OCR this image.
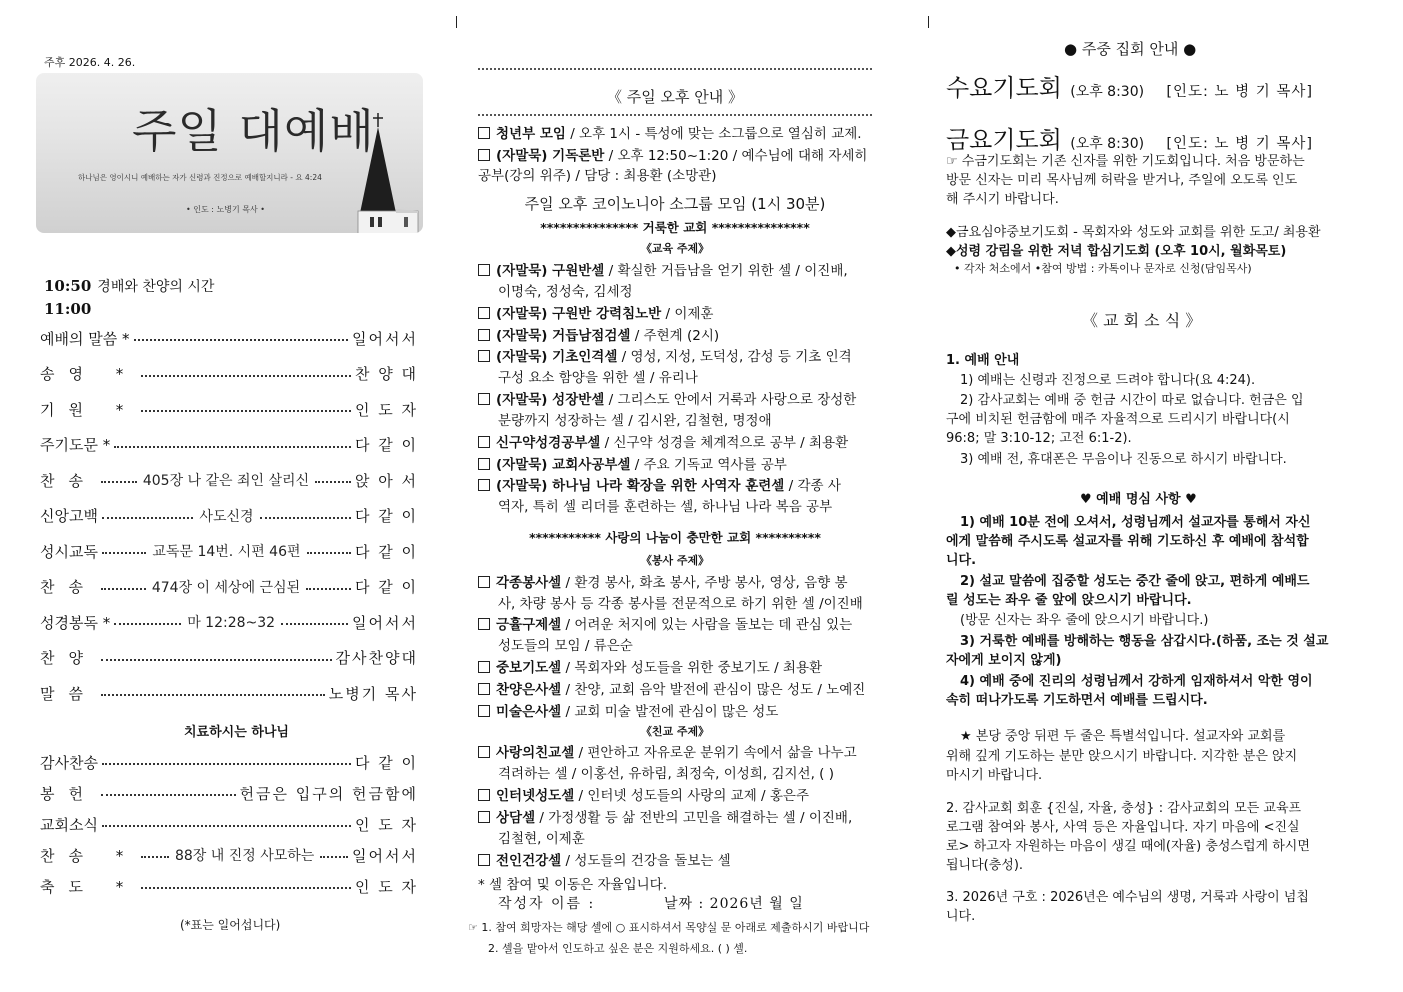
주후 2026. 4. 26.
주일 대예배
하나님은 영이시니 예배하는 자가 신령과 진정으로 예배할지니라 - 요 4:24
• 인도 : 노병기 목사 •
10:50 경배와 찬양의 시간
11:00
예배의 말씀 *	일어서서
송영 *	찬 양 대
기원 *	인 도 자
주기도문 *	다 같 이
찬송	405장 나 같은 죄인 살리신	앉 아 서
신앙고백	사도신경	다 같 이
성시교독	교독문 14번. 시편 46편	다 같 이
찬송	474장 이 세상에 근심된	다 같 이
성경봉독 *	마 12:28~32	일어서서
찬양	감사찬양대
말씀	노병기 목사
치료하시는 하나님
감사찬송	다 같 이
봉헌	헌금은 입구의 헌금함에
교회소식	인 도 자
찬송 *	88장 내 진정 사모하는	일어서서
축도 *	인 도 자
(*표는 일어섭니다)
《 주일 오후 안내 》
청년부 모임 / 오후 1시 - 특성에 맞는 소그룹으로 열심히 교제.
(자말묵) 기독론반 / 오후 12:50~1:20 / 예수님에 대해 자세히
공부(강의 위주) / 담당 : 최용환 (소망관)
주일 오후 코이노니아 소그룹 모임 (1시 30분)
*************** 거룩한 교회 ***************
《교육 주제》
(자말묵) 구원반셀 / 확실한 거듭남을 얻기 위한 셀 / 이진배,
이명숙, 정성숙, 김세정
(자말묵) 구원반 강력침노반 / 이제훈
(자말묵) 거듭남점검셀 / 주현계 (2시)
(자말묵) 기초인격셀 / 영성, 지성, 도덕성, 감성 등 기초 인격
구성 요소 함양을 위한 셀 / 유리나
(자말묵) 성장반셀 / 그리스도 안에서 거룩과 사랑으로 장성한
분량까지 성장하는 셀 / 김시완, 김철현, 명정애
신구약성경공부셀 / 신구약 성경을 체계적으로 공부 / 최용환
(자말묵) 교회사공부셀 / 주요 기독교 역사를 공부
(자말묵) 하나님 나라 확장을 위한 사역자 훈련셀 / 각종 사
역자, 특히 셀 리더를 훈련하는 셀, 하나님 나라 복음 공부
*********** 사랑의 나눔이 충만한 교회 **********
《봉사 주제》
각종봉사셀 / 환경 봉사, 화초 봉사, 주방 봉사, 영상, 음향 봉
사, 차량 봉사 등 각종 봉사를 전문적으로 하기 위한 셀 /이진배
긍휼구제셀 / 어려운 처지에 있는 사람을 돌보는 데 관심 있는
성도들의 모임 / 류은순
중보기도셀 / 목회자와 성도들을 위한 중보기도 / 최용환
찬양은사셀 / 찬양, 교회 음악 발전에 관심이 많은 성도 / 노예진
미술은사셀 / 교회 미술 발전에 관심이 많은 성도
《친교 주제》
사랑의친교셀 / 편안하고 자유로운 분위기 속에서 삶을 나누고
격려하는 셀 / 이홍선, 유하림, 최정숙, 이성희, 김지선, ( )
인터넷성도셀 / 인터넷 성도들의 사랑의 교제 / 홍은주
상담셀 / 가정생활 등 삶 전반의 고민을 해결하는 셀 / 이진배,
김철현, 이제훈
전인건강셀 / 성도들의 건강을 돌보는 셀
* 셀 참여 및 이동은 자율입니다.
작성자 이름 :	날짜 : 2026년 월 일
☞ 1. 참여 희망자는 해당 셀에 ○ 표시하셔서 목양실 문 아래로 제출하시기 바랍니다
2. 셀을 맡아서 인도하고 싶은 분은 지원하세요. ( ) 셀.
● 주중 집회 안내 ●
수요기도회 (오후 8:30) [인도: 노 병 기 목사]
금요기도회 (오후 8:30) [인도: 노 병 기 목사]
☞ 수금기도회는 기존 신자를 위한 기도회입니다. 처음 방문하는
방문 신자는 미리 목사님께 허락을 받거나, 주일에 오도록 인도
해 주시기 바랍니다.
◆금요심야중보기도회 - 목회자와 성도와 교회를 위한 도고/ 최용환
◆성령 강림을 위한 저녁 합심기도회 (오후 10시, 월화목토)
• 각자 처소에서 •참여 방법 : 카톡이나 문자로 신청(담임목사)
《 교 회 소 식 》
1. 예배 안내
1) 예배는 신령과 진정으로 드려야 합니다(요 4:24).
2) 감사교회는 예배 중 헌금 시간이 따로 없습니다. 헌금은 입
구에 비치된 헌금함에 매주 자율적으로 드리시기 바랍니다(시
96:8; 말 3:10-12; 고전 6:1-2).
3) 예배 전, 휴대폰은 무음이나 진동으로 하시기 바랍니다.
♥ 예배 명심 사항 ♥
1) 예배 10분 전에 오셔서, 성령님께서 설교자를 통해서 자신
에게 말씀해 주시도록 설교자를 위해 기도하신 후 예배에 참석합
니다.
2) 설교 말씀에 집중할 성도는 중간 줄에 앉고, 편하게 예배드
릴 성도는 좌우 줄 앞에 앉으시기 바랍니다.
(방문 신자는 좌우 줄에 앉으시기 바랍니다.)
3) 거룩한 예배를 방해하는 행동을 삼갑시다.(하품, 조는 것 설교
자에게 보이지 않게)
4) 예배 중에 진리의 성령님께서 강하게 임재하셔서 악한 영이
속히 떠나가도록 기도하면서 예배를 드립시다.
★ 본당 중앙 뒤편 두 줄은 특별석입니다. 설교자와 교회를
위해 깊게 기도하는 분만 앉으시기 바랍니다. 지각한 분은 앉지
마시기 바랍니다.
2. 감사교회 회훈 {진실, 자율, 충성} : 감사교회의 모든 교육프
로그램 참여와 봉사, 사역 등은 자율입니다. 자기 마음에 <진실
로> 하고자 자원하는 마음이 생길 때에(자율) 충성스럽게 하시면
됩니다(충성).
3. 2026년 구호 : 2026년은 예수님의 생명, 거룩과 사랑이 넘칩
니다.
